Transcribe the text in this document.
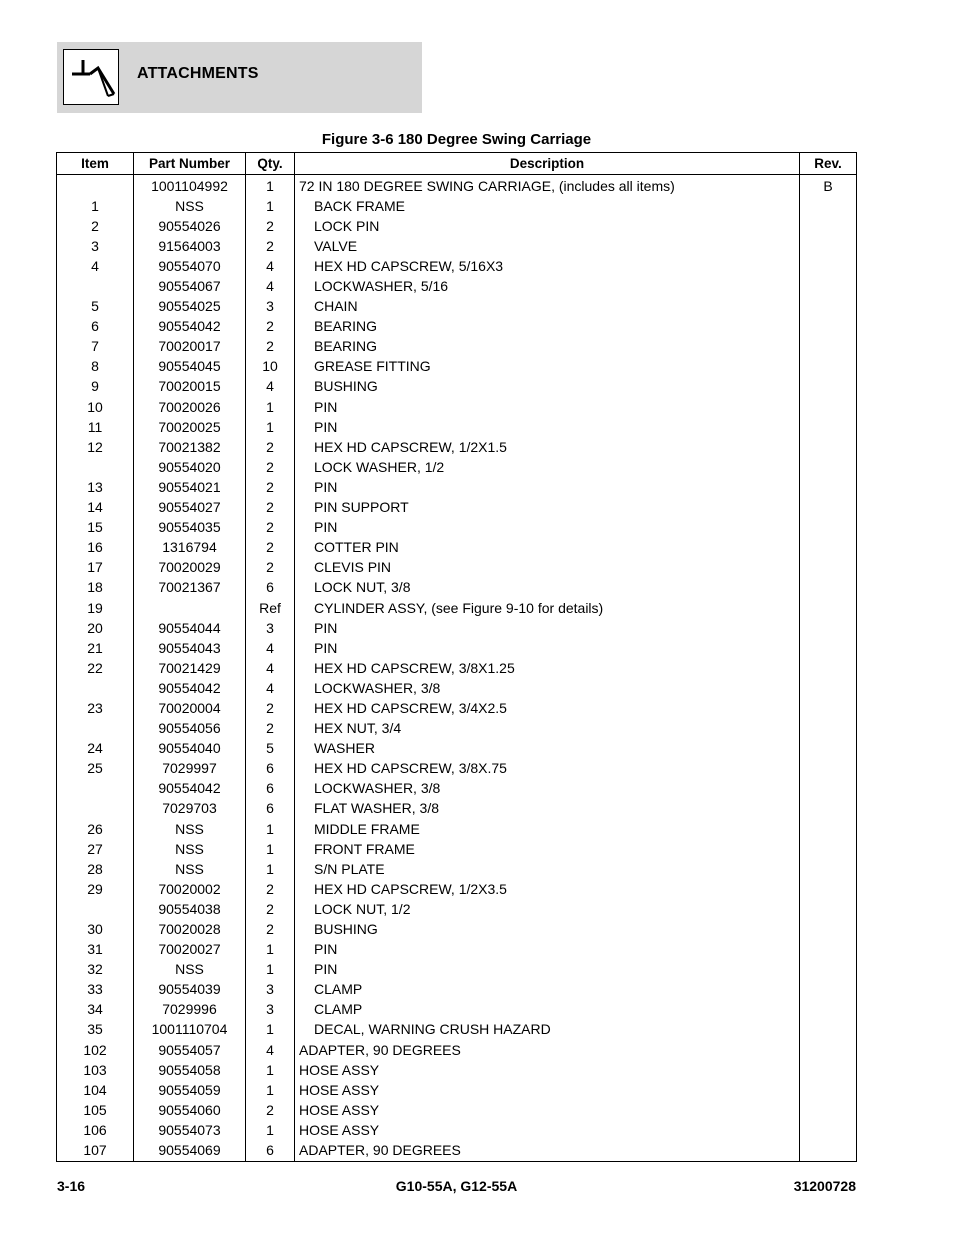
ATTACHMENTS
Figure 3-6 180 Degree Swing Carriage
Item	Part Number	Qty.	Description	Rev.
	1001104992	1	72 IN 180 DEGREE SWING CARRIAGE, (includes all items)	B
1	NSS	1	BACK FRAME	
2	90554026	2	LOCK PIN	
3	91564003	2	VALVE	
4	90554070	4	HEX HD CAPSCREW, 5/16X3	
	90554067	4	LOCKWASHER, 5/16	
5	90554025	3	CHAIN	
6	90554042	2	BEARING	
7	70020017	2	BEARING	
8	90554045	10	GREASE FITTING	
9	70020015	4	BUSHING	
10	70020026	1	PIN	
11	70020025	1	PIN	
12	70021382	2	HEX HD CAPSCREW, 1/2X1.5	
	90554020	2	LOCK WASHER, 1/2	
13	90554021	2	PIN	
14	90554027	2	PIN SUPPORT	
15	90554035	2	PIN	
16	1316794	2	COTTER PIN	
17	70020029	2	CLEVIS PIN	
18	70021367	6	LOCK NUT, 3/8	
19		Ref	CYLINDER ASSY, (see Figure 9-10 for details)	
20	90554044	3	PIN	
21	90554043	4	PIN	
22	70021429	4	HEX HD CAPSCREW, 3/8X1.25	
	90554042	4	LOCKWASHER, 3/8	
23	70020004	2	HEX HD CAPSCREW, 3/4X2.5	
	90554056	2	HEX NUT, 3/4	
24	90554040	5	WASHER	
25	7029997	6	HEX HD CAPSCREW, 3/8X.75	
	90554042	6	LOCKWASHER, 3/8	
	7029703	6	FLAT WASHER, 3/8	
26	NSS	1	MIDDLE FRAME	
27	NSS	1	FRONT FRAME	
28	NSS	1	S/N PLATE	
29	70020002	2	HEX HD CAPSCREW, 1/2X3.5	
	90554038	2	LOCK NUT, 1/2	
30	70020028	2	BUSHING	
31	70020027	1	PIN	
32	NSS	1	PIN	
33	90554039	3	CLAMP	
34	7029996	3	CLAMP	
35	1001110704	1	DECAL, WARNING CRUSH HAZARD	
102	90554057	4	ADAPTER, 90 DEGREES	
103	90554058	1	HOSE ASSY	
104	90554059	1	HOSE ASSY	
105	90554060	2	HOSE ASSY	
106	90554073	1	HOSE ASSY	
107	90554069	6	ADAPTER, 90 DEGREES	
3-16	G10-55A, G12-55A	31200728
